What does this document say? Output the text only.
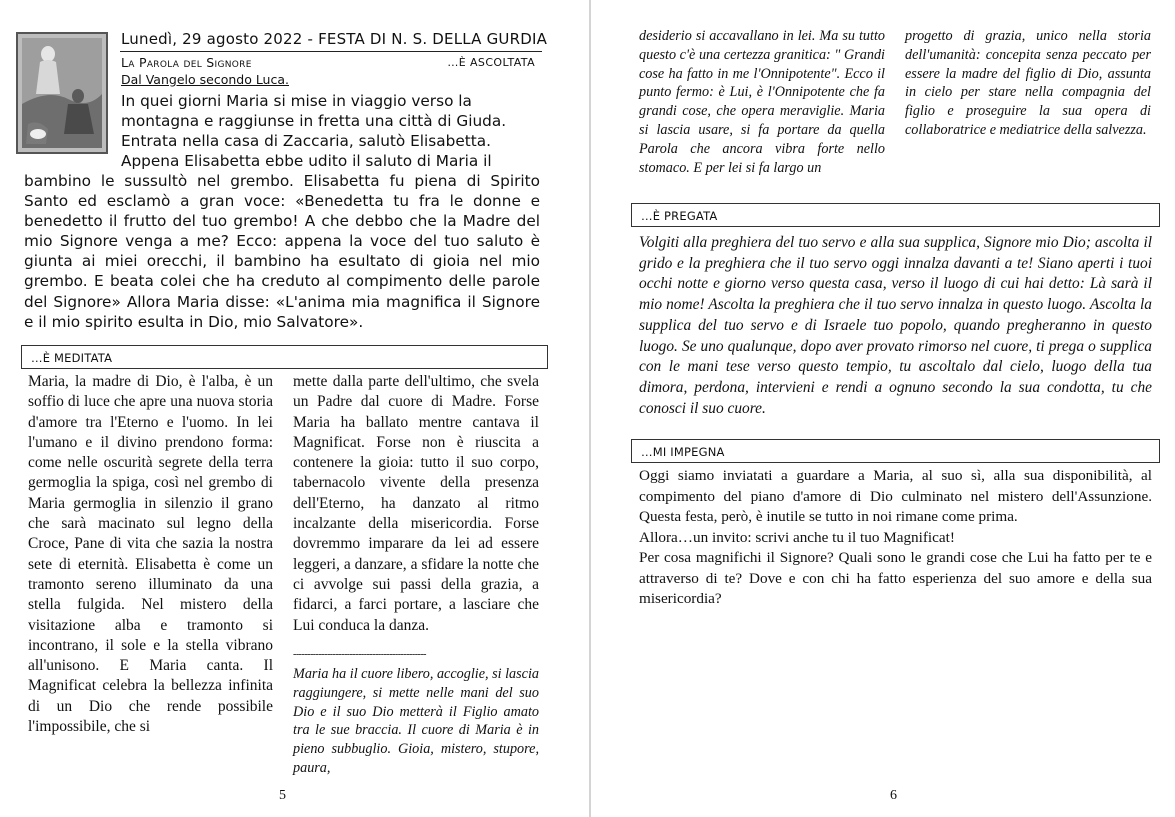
Lunedì, 29 agosto 2022 - FESTA DI N. S. DELLA GURDIA
La Parola del Signore	…È ASCOLTATA
Dal Vangelo secondo Luca.

In quei giorni Maria si mise in viaggio verso la

montagna e raggiunse in fretta una città di Giuda.

Entrata nella casa di Zaccaria, salutò Elisabetta.

Appena Elisabetta ebbe udito il saluto di Maria il

bambino le sussultò nel grembo. Elisabetta fu piena di Spirito Santo ed esclamò a gran voce: «Benedetta tu fra le donne e benedetto il frutto del tuo grembo! A che debbo che la Madre del mio Signore venga a me? Ecco: appena la voce del tuo saluto è giunta ai miei orecchi, il bambino ha esultato di gioia nel mio grembo. E beata colei che ha creduto al compimento delle parole del Signore» Allora Maria disse: «L'anima mia magnifica il Signore e il mio spirito esulta in Dio, mio Salvatore».

…È MEDITATA

Maria, la madre di Dio, è l'alba, è un soffio di luce che apre una nuova storia d'amore tra l'Eterno e l'uomo. In lei l'umano e il divino prendono forma: come nelle oscurità segrete della terra germoglia la spiga, così nel grembo di Maria germoglia in silenzio il grano che sarà macinato sul legno della Croce, Pane di vita che sazia la nostra sete di eternità. Elisabetta è come un tramonto sereno illuminato da una stella fulgida. Nel mistero della visitazione alba e tramonto si incontrano, il sole e la stella vibrano all'unisono. E Maria canta. Il Magnificat celebra la bellezza infinita di un Dio che rende possibile l'impossibile, che si

mette dalla parte dell'ultimo, che svela un Padre dal cuore di Madre. Forse Maria ha ballato mentre cantava il Magnificat. Forse non è riuscita a contenere la gioia: tutto il suo corpo, tabernacolo vivente della presenza dell'Eterno, ha danzato al ritmo incalzante della misericordia. Forse dovremmo imparare da lei ad essere leggeri, a danzare, a sfidare la notte che ci avvolge sui passi della grazia, a fidarci, a farci portare, a lasciare che Lui conduca la danza.

-----------------------------------------------

Maria ha il cuore libero, accoglie, si lascia raggiungere, si mette nelle mani del suo Dio e il suo Dio metterà il Figlio amato tra le sue braccia. Il cuore di Maria è in pieno subbuglio. Gioia, mistero, stupore, paura,

5

desiderio si accavallano in lei. Ma su tutto questo c'è una certezza granitica: " Grandi cose ha fatto in me l'Onnipotente". Ecco il punto fermo: è Lui, è l'Onnipotente che fa grandi cose, che opera meraviglie. Maria si lascia usare, si fa portare da quella Parola che ancora vibra forte nello stomaco. E per lei si fa largo un

progetto di grazia, unico nella storia dell'umanità: concepita senza peccato per essere la madre del figlio di Dio, assunta in cielo per stare nella compagnia del figlio e proseguire la sua opera di collaboratrice e mediatrice della salvezza.

…È PREGATA
Volgiti alla preghiera del tuo servo e alla sua supplica, Signore mio Dio; ascolta il grido e la preghiera che il tuo servo oggi innalza davanti a te! Siano aperti i tuoi occhi notte e giorno verso questa casa, verso il luogo di cui hai detto: Là sarà il mio nome! Ascolta la preghiera che il tuo servo innalza in questo luogo. Ascolta la supplica del tuo servo e di Israele tuo popolo, quando pregheranno in questo luogo. Se uno qualunque, dopo aver provato rimorso nel cuore, ti prega o supplica con le mani tese verso questo tempio, tu ascoltalo dal cielo, luogo della tua dimora, perdona, intervieni e rendi a ognuno secondo la sua condotta, tu che conosci il suo cuore.
…MI IMPEGNA

Oggi siamo inviatati a guardare a Maria, al suo sì, alla sua disponibilità, al compimento del piano d'amore di Dio culminato nel mistero dell'Assunzione. Questa festa, però, è inutile se tutto in noi rimane come prima.

Allora…un invito: scrivi anche tu il tuo Magnificat!

Per cosa magnifichi il Signore? Quali sono le grandi cose che Lui ha fatto per te e attraverso di te? Dove e con chi ha fatto esperienza del suo amore e della sua misericordia?

6
